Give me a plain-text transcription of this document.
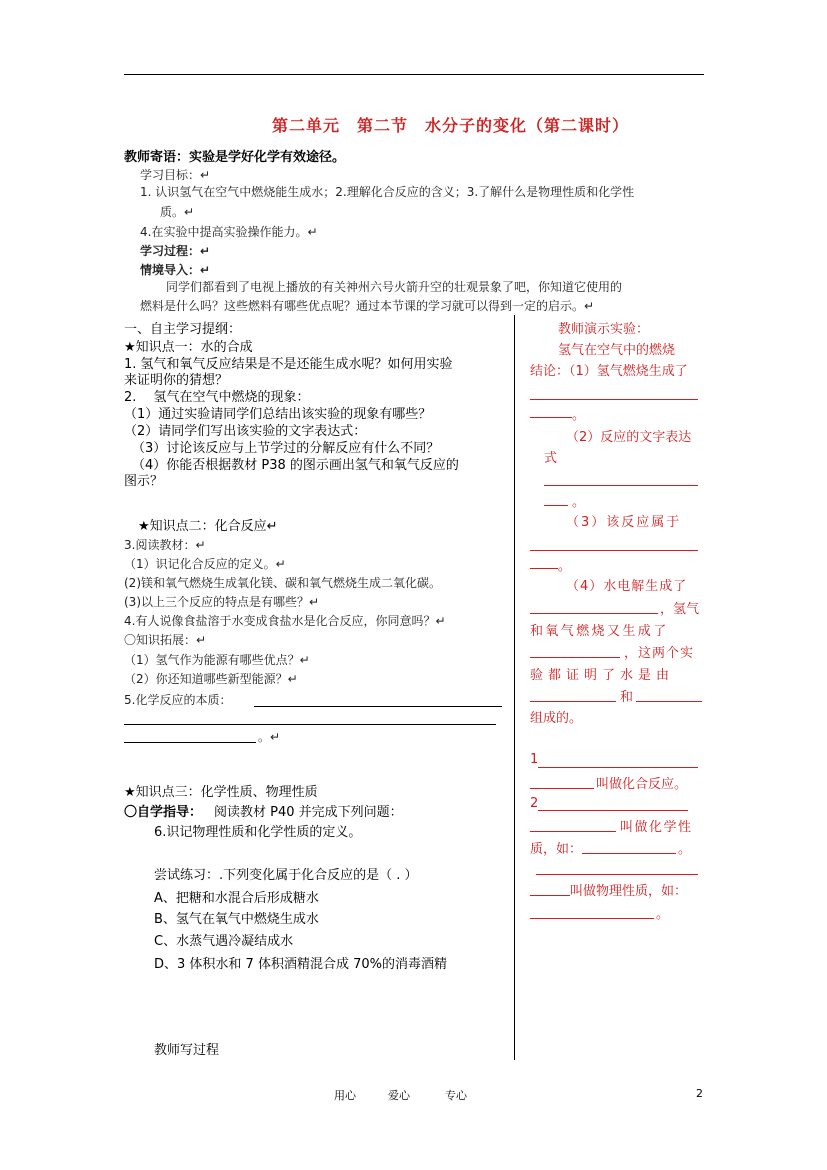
第二单元　第二节　水分子的变化（第二课时）
教师寄语：实验是学好化学有效途径。
学习目标：↵
1. 认识氢气在空气中燃烧能生成水；2.理解化合反应的含义；3.了解什么是物理性质和化学性
质。↵
4.在实验中提高实验操作能力。↵
学习过程：↵
情境导入：↵
同学们都看到了电视上播放的有关神州六号火箭升空的壮观景象了吧，你知道它使用的
燃料是什么吗？这些燃料有哪些优点呢？通过本节课的学习就可以得到一定的启示。↵
一、自主学习提纲：
★知识点一：水的合成
1. 氢气和氧气反应结果是不是还能生成水呢？如何用实验
来证明你的猜想？
2.　 氢气在空气中燃烧的现象：
（1）通过实验请同学们总结出该实验的现象有哪些？
（2）请同学们写出该实验的文字表达式：
（3）讨论该反应与上节学过的分解反应有什么不同？
（4）你能否根据教材 P38 的图示画出氢气和氧气反应的
图示？
★知识点二：化合反应↵
3.阅读教材：↵
（1）识记化合反应的定义。↵
(2)镁和氧气燃烧生成氧化镁、碳和氧气燃烧生成二氧化碳。
(3)以上三个反应的特点是有哪些？↵
4.有人说像食盐溶于水变成食盐水是化合反应，你同意吗？↵
〇知识拓展：↵
（1）氢气作为能源有哪些优点？↵
（2）你还知道哪些新型能源？↵
5.化学反应的本质：
。↵
★知识点三：化学性质、物理性质
〇自学指导： 阅读教材 P40 并完成下列问题：
6.识记物理性质和化学性质的定义。
尝试练习：.下列变化属于化合反应的是（ . ）
A、把糖和水混合后形成糖水
B、氢气在氧气中燃烧生成水
C、水蒸气遇冷凝结成水
D、3 体积水和 7 体积酒精混合成 70%的消毒酒精
教师写过程
教师演示实验：
氢气在空气中的燃烧
结论：（1）氢气燃烧生成了
。
（2）反应的文字表达
式
。
（3）该反应属于
。
（4）水电解生成了
，氢气
和氧气燃烧又生成了
，这两个实
验都证明了水是由
和
组成的。
1
叫做化合反应。
2
叫做化学性
质，如：	。
叫做物理性质，如：
。
用心	爱心	专心	2
